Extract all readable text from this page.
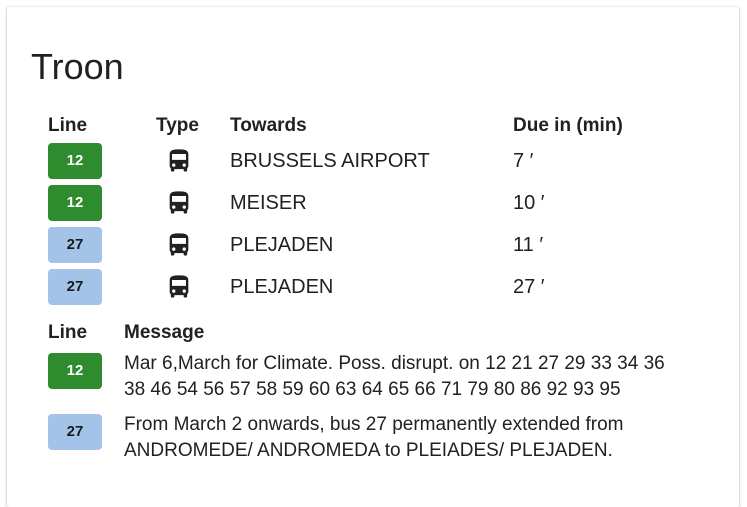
Troon
Line	Type	Towards	Due in (min)
12		BRUSSELS AIRPORT	7 ′
12		MEISER	10 ′
27		PLEJADEN	11 ′
27		PLEJADEN	27 ′
Line	Message
12	Mar 6,March for Climate. Poss. disrupt. on 12 21 27 29 33 34 36 38 46 54 56 57 58 59 60 63 64 65 66 71 79 80 86 92 93 95
27	From March 2 onwards, bus 27 permanently extended from ANDROMEDE/ ANDROMEDA to PLEIADES/ PLEJADEN.
